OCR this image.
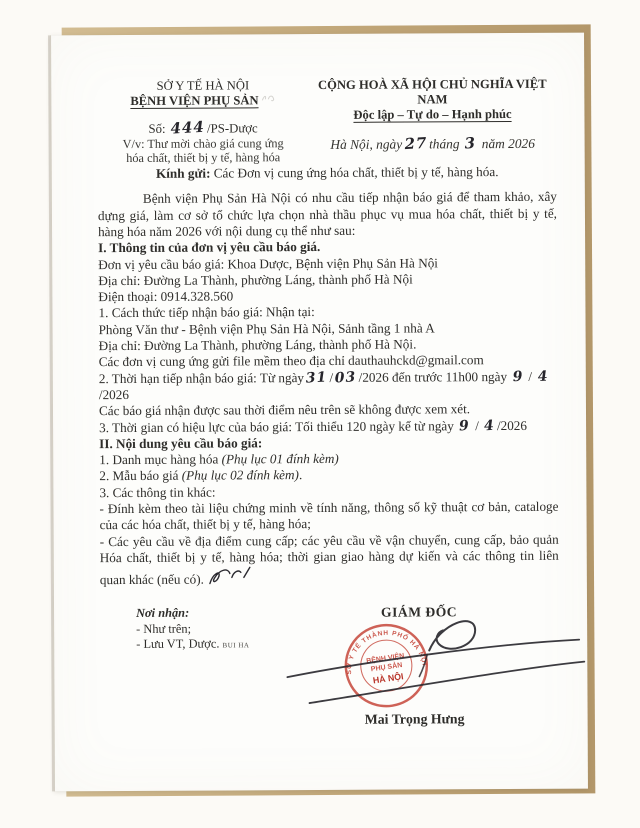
SỞ Y TẾ HÀ NỘI
BỆNH VIỆN PHỤ SẢN
Số: 444/PS-Dược
V/v: Thư mời chào giá cung ứng
hóa chất, thiết bị y tế, hàng hóa
CỘNG HOÀ XÃ HỘI CHỦ NGHĨA VIỆT NAM
Độc lập – Tự do – Hạnh phúc
Hà Nội, ngày27tháng 3 năm 2026

Kính gửi: Các Đơn vị cung ứng hóa chất, thiết bị y tế, hàng hóa.

Bệnh viện Phụ Sản Hà Nội có nhu cầu tiếp nhận báo giá để tham khảo, xây dựng giá, làm cơ sở tổ chức lựa chọn nhà thầu phục vụ mua hóa chất, thiết bị y tế, hàng hóa năm 2026 với nội dung cụ thể như sau:

I. Thông tin của đơn vị yêu cầu báo giá.

Đơn vị yêu cầu báo giá: Khoa Dược, Bệnh viện Phụ Sản Hà Nội

Địa chỉ: Đường La Thành, phường Láng, thành phố Hà Nội

Điện thoại: 0914.328.560

1. Cách thức tiếp nhận báo giá: Nhận tại:

Phòng Văn thư - Bệnh viện Phụ Sản Hà Nội, Sảnh tầng 1 nhà A

Địa chỉ: Đường La Thành, phường Láng, thành phố Hà Nội.

Các đơn vị cung ứng gửi file mềm theo địa chỉ dauthauhckd@gmail.com

2. Thời hạn tiếp nhận báo giá: Từ ngày 31 / 03 /2026 đến trước 11h00 ngày 9 / 4/2026

Các báo giá nhận được sau thời điểm nêu trên sẽ không được xem xét.

3. Thời gian có hiệu lực của báo giá: Tối thiểu 120 ngày kể từ ngày 9 / 4 /2026

II. Nội dung yêu cầu báo giá:

1. Danh mục hàng hóa (Phụ lục 01 đính kèm)

2. Mẫu báo giá (Phụ lục 02 đính kèm).

3. Các thông tin khác:

- Đính kèm theo tài liệu chứng minh về tính năng, thông số kỹ thuật cơ bản, cataloge của các hóa chất, thiết bị y tế, hàng hóa;

- Các yêu cầu về địa điểm cung cấp; các yêu cầu về vận chuyển, cung cấp, bảo quản Hóa chất, thiết bị y tế, hàng hóa; thời gian giao hàng dự kiến và các thông tin liên quan khác (nếu có).

Nơi nhận:
- Như trên;
- Lưu VT, Dược. BUI HA
GIÁM ĐỐC
SỞ Y TẾ THÀNH PHỐ HÀ NỘI
BỆNH VIỆN
PHỤ SẢN
HÀ NỘI
Mai Trọng Hưng
